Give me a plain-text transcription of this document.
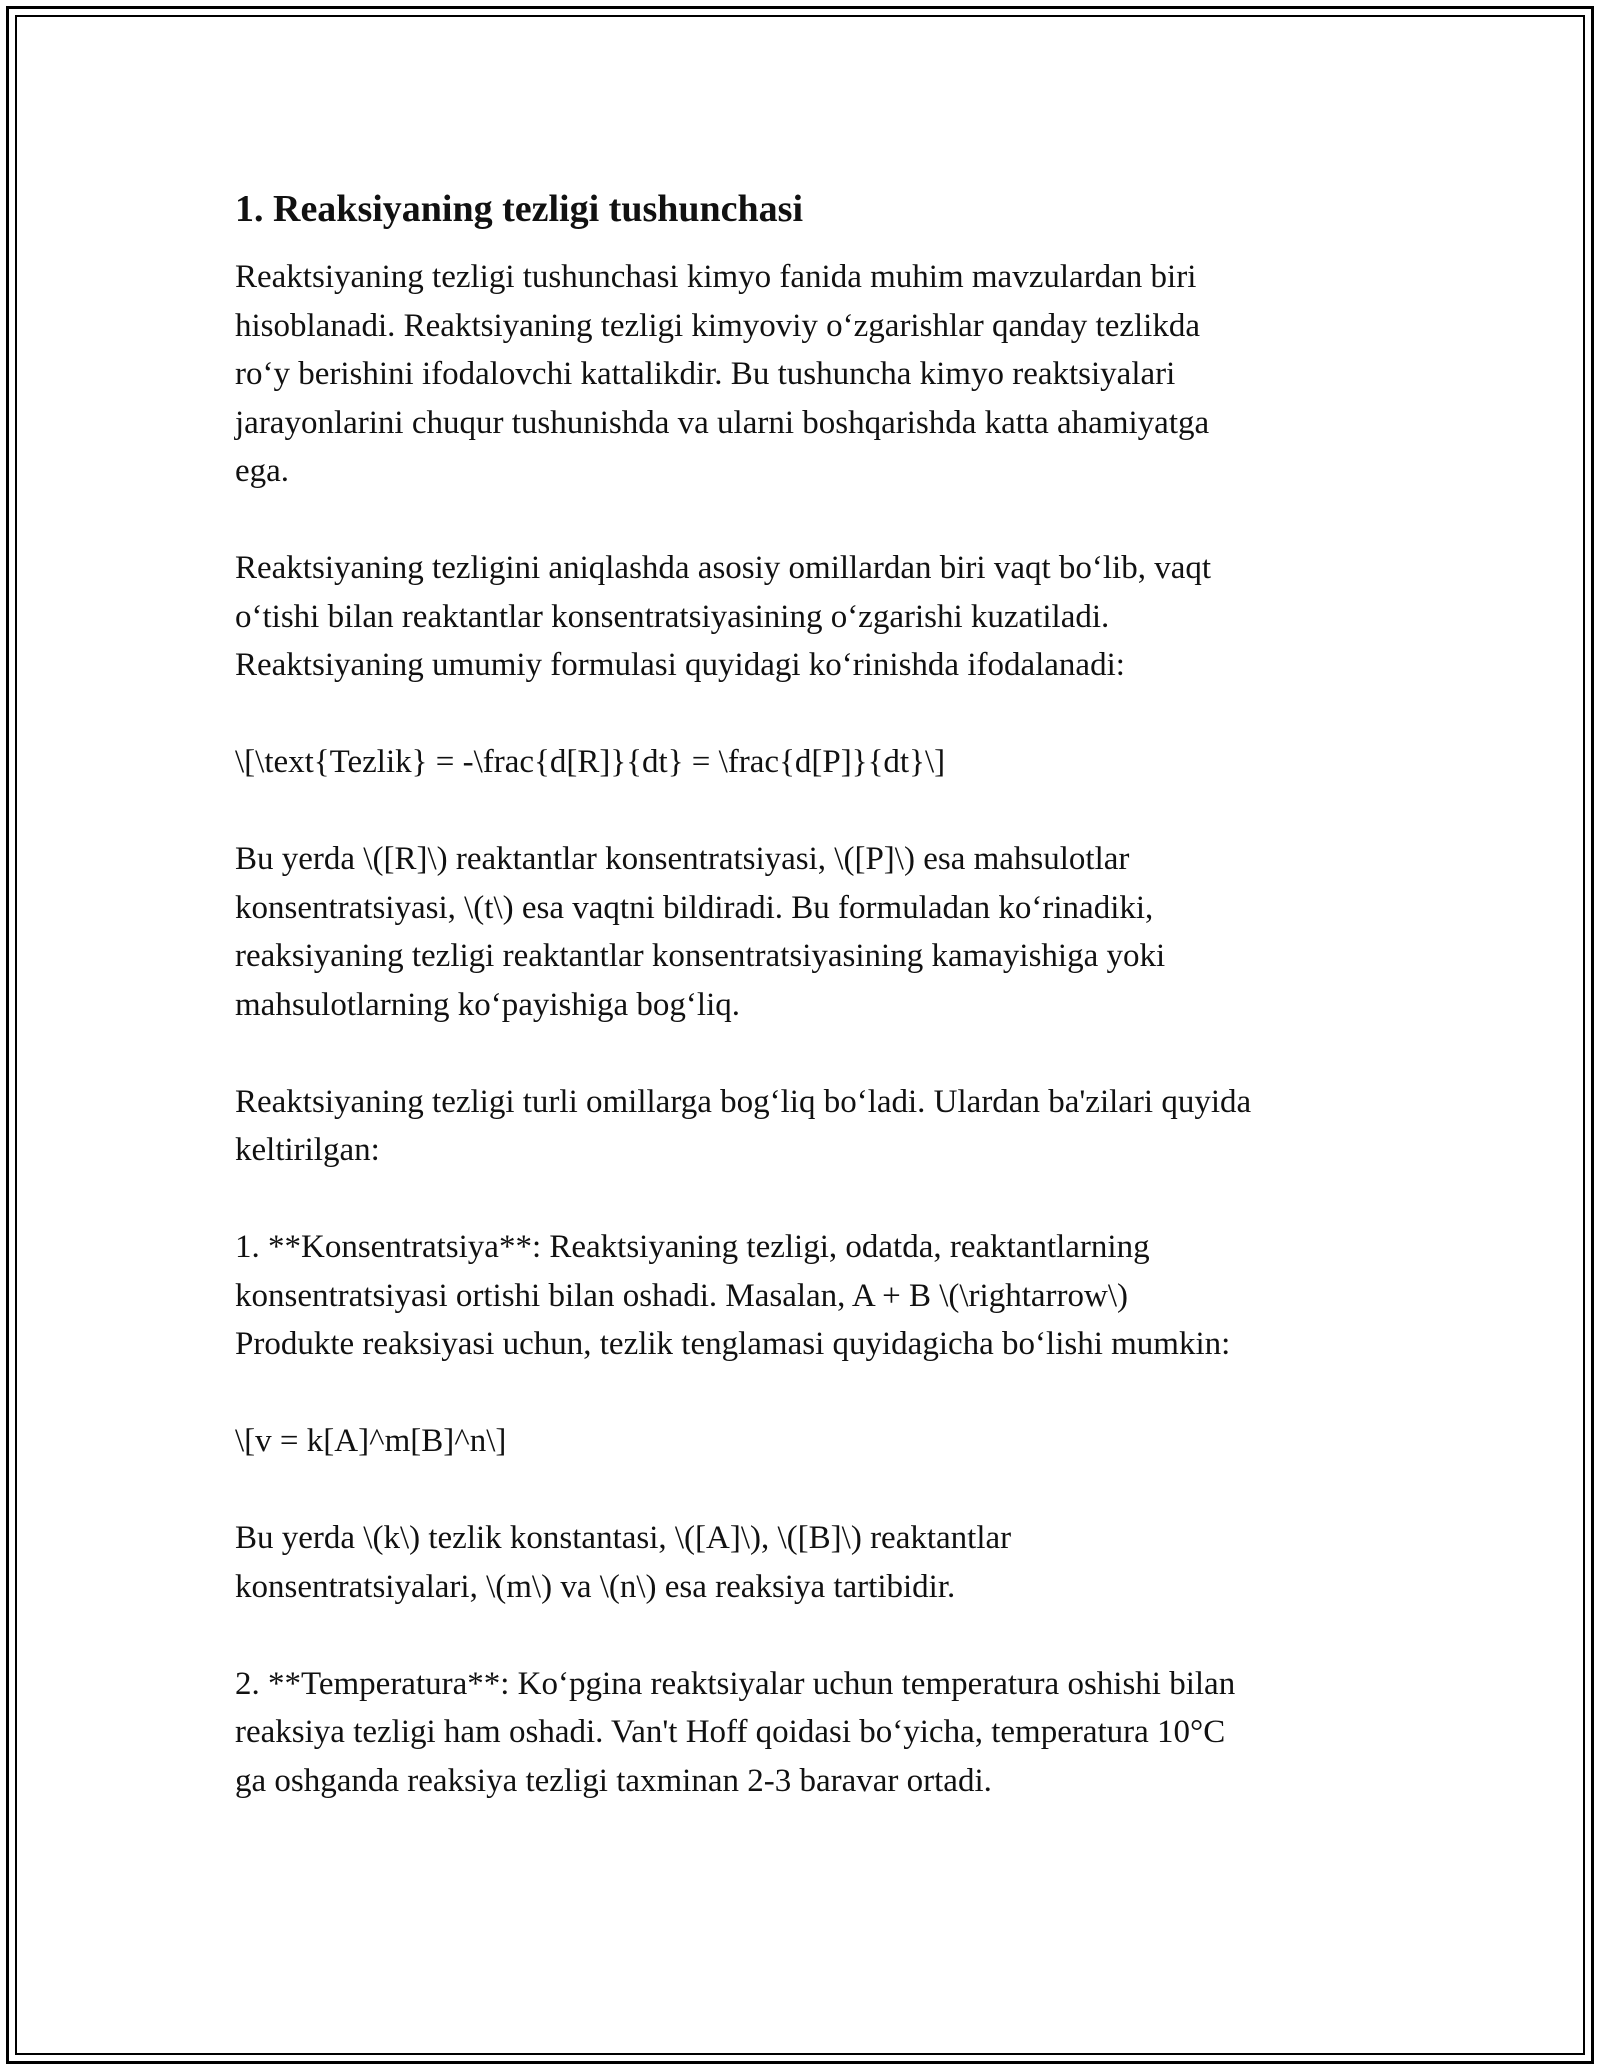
1. Reaksiyaning tezligi tushunchasi
Reaktsiyaning tezligi tushunchasi kimyo fanida muhim mavzulardan biri
hisoblanadi. Reaktsiyaning tezligi kimyoviy o‘zgarishlar qanday tezlikda
ro‘y berishini ifodalovchi kattalikdir. Bu tushuncha kimyo reaktsiyalari
jarayonlarini chuqur tushunishda va ularni boshqarishda katta ahamiyatga
ega.
Reaktsiyaning tezligini aniqlashda asosiy omillardan biri vaqt bo‘lib, vaqt
o‘tishi bilan reaktantlar konsentratsiyasining o‘zgarishi kuzatiladi.
Reaktsiyaning umumiy formulasi quyidagi ko‘rinishda ifodalanadi:
\[\text{Tezlik} = -\frac{d[R]}{dt} = \frac{d[P]}{dt}\]
Bu yerda \([R]\) reaktantlar konsentratsiyasi, \([P]\) esa mahsulotlar
konsentratsiyasi, \(t\) esa vaqtni bildiradi. Bu formuladan ko‘rinadiki,
reaksiyaning tezligi reaktantlar konsentratsiyasining kamayishiga yoki
mahsulotlarning ko‘payishiga bog‘liq.
Reaktsiyaning tezligi turli omillarga bog‘liq bo‘ladi. Ulardan ba'zilari quyida
keltirilgan:
1. **Konsentratsiya**: Reaktsiyaning tezligi, odatda, reaktantlarning
konsentratsiyasi ortishi bilan oshadi. Masalan, A + B \(\rightarrow\)
Produkte reaksiyasi uchun, tezlik tenglamasi quyidagicha bo‘lishi mumkin:
\[v = k[A]^m[B]^n\]
Bu yerda \(k\) tezlik konstantasi, \([A]\), \([B]\) reaktantlar
konsentratsiyalari, \(m\) va \(n\) esa reaksiya tartibidir.
2. **Temperatura**: Ko‘pgina reaktsiyalar uchun temperatura oshishi bilan
reaksiya tezligi ham oshadi. Van't Hoff qoidasi bo‘yicha, temperatura 10°C
ga oshganda reaksiya tezligi taxminan 2-3 baravar ortadi.
